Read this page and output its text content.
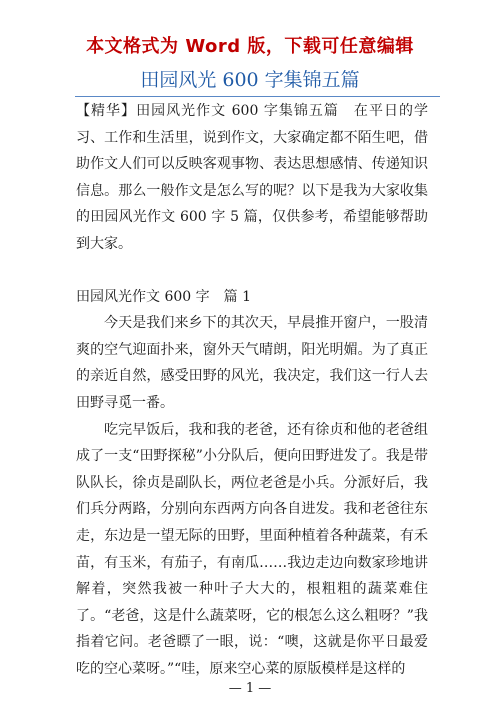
本文格式为 Word 版，下载可任意编辑
田园风光 600 字集锦五篇

【精华】田园风光作文 600 字集锦五篇　在平日的学习、工作和生活里，说到作文，大家确定都不陌生吧，借助作文人们可以反映客观事物、表达思想感情、传递知识信息。那么一般作文是怎么写的呢？以下是我为大家收集的田园风光作文 600 字 5 篇，仅供参考，希望能够帮助到大家。

田园风光作文 600 字　篇 1

今天是我们来乡下的其次天，早晨推开窗户，一股清爽的空气迎面扑来，窗外天气晴朗，阳光明媚。为了真正的亲近自然，感受田野的风光，我决定，我们这一行人去田野寻觅一番。

吃完早饭后，我和我的老爸，还有徐贞和他的老爸组成了一支“田野探秘”小分队后，便向田野进发了。我是带队队长，徐贞是副队长，两位老爸是小兵。分派好后，我们兵分两路，分别向东西两方向各自进发。我和老爸往东走，东边是一望无际的田野，里面种植着各种蔬菜，有禾苗，有玉米，有茄子，有南瓜……我边走边向数家珍地讲解着，突然我被一种叶子大大的，根粗粗的蔬菜难住了。“老爸，这是什么蔬菜呀，它的根怎么这么粗呀？”我指着它问。老爸瞟了一眼，说：“噢，这就是你平日最爱吃的空心菜呀。”“哇，原来空心菜的原版模样是这样的

— 1 —
